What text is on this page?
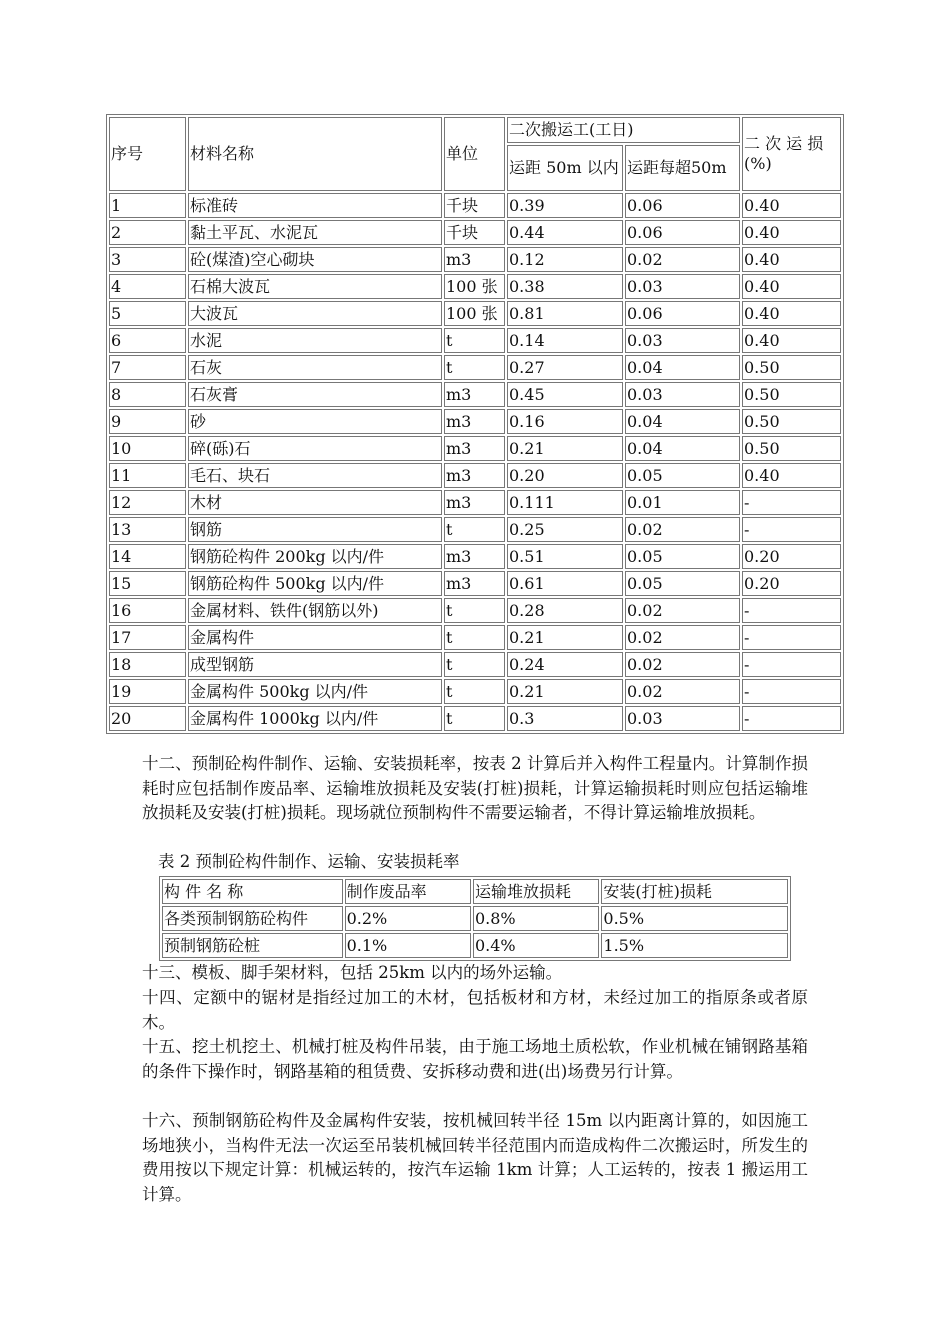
序号	材料名称	单位	二次搬运工(工日)		二 次 运 损 (%)
			运距 50m 以内	运距每超50m	
1	标准砖	千块	0.39	0.06	0.40
2	黏土平瓦、水泥瓦	千块	0.44	0.06	0.40
3	砼(煤渣)空心砌块	m3	0.12	0.02	0.40
4	石棉大波瓦	100 张	0.38	0.03	0.40
5	大波瓦	100 张	0.81	0.06	0.40
6	水泥	t	0.14	0.03	0.40
7	石灰	t	0.27	0.04	0.50
8	石灰膏	m3	0.45	0.03	0.50
9	砂	m3	0.16	0.04	0.50
10	碎(砾)石	m3	0.21	0.04	0.50
11	毛石、块石	m3	0.20	0.05	0.40
12	木材	m3	0.111	0.01	-
13	钢筋	t	0.25	0.02	-
14	钢筋砼构件 200kg 以内/件	m3	0.51	0.05	0.20
15	钢筋砼构件 500kg 以内/件	m3	0.61	0.05	0.20
16	金属材料、铁件(钢筋以外)	t	0.28	0.02	-
17	金属构件	t	0.21	0.02	-
18	成型钢筋	t	0.24	0.02	-
19	金属构件 500kg 以内/件	t	0.21	0.02	-
20	金属构件 1000kg 以内/件	t	0.3	0.03	-

十二、预制砼构件制作、运输、安装损耗率，按表 2 计算后并入构件工程量内。计算制作损耗时应包括制作废品率、运输堆放损耗及安装(打桩)损耗，计算运输损耗时则应包括运输堆放损耗及安装(打桩)损耗。现场就位预制构件不需要运输者，不得计算运输堆放损耗。

表 2 预制砼构件制作、运输、安装损耗率
构 件 名 称	制作废品率	运输堆放损耗	安装(打桩)损耗
各类预制钢筋砼构件	0.2%	0.8%	0.5%
预制钢筋砼桩	0.1%	0.4%	1.5%
十三、模板、脚手架材料，包括 25km 以内的场外运输。
十四、定额中的锯材是指经过加工的木材，包括板材和方材，未经过加工的指原条或者原木。
十五、挖土机挖土、机械打桩及构件吊装，由于施工场地土质松软，作业机械在铺钢路基箱的条件下操作时，钢路基箱的租赁费、安拆移动费和进(出)场费另行计算。
十六、预制钢筋砼构件及金属构件安装，按机械回转半径 15m 以内距离计算的，如因施工场地狭小，当构件无法一次运至吊装机械回转半径范围内而造成构件二次搬运时，所发生的费用按以下规定计算：机械运转的，按汽车运输 1km 计算；人工运转的，按表 1 搬运用工计算。
